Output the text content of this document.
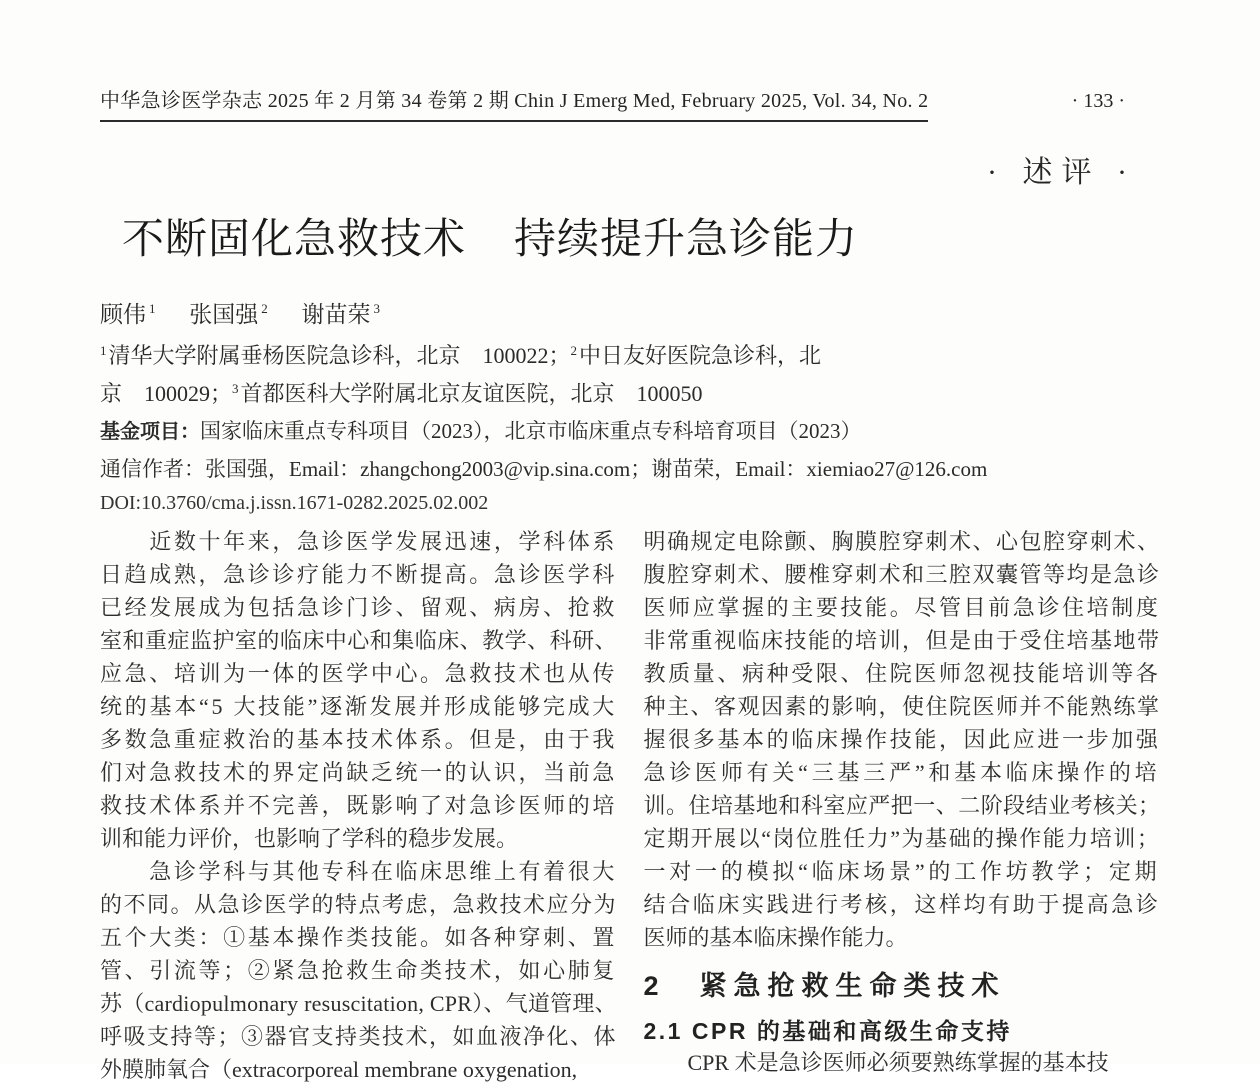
中华急诊医学杂志 2025 年 2 月第 34 卷第 2 期 Chin J Emerg Med, February 2025, Vol. 34, No. 2	· 133 ·
· 述评 ·
不断固化急救技术 持续提升急诊能力
顾伟 $^1$ 张国强 $^2$ 谢苗荣 $^3$
$^1$清华大学附属垂杨医院急诊科，北京　100022；$^2$中日友好医院急诊科，北
京　100029；$^3$首都医科大学附属北京友谊医院，北京　100050
基金项目：国家临床重点专科项目（2023），北京市临床重点专科培育项目（2023）
通信作者：张国强，Email：zhangchong2003@vip.sina.com；谢苗荣，Email：xiemiao27@126.com
DOI:10.3760/cma.j.issn.1671-0282.2025.02.002
　　近数十年来，急诊医学发展迅速，学科体系
日趋成熟，急诊诊疗能力不断提高。急诊医学科
已经发展成为包括急诊门诊、留观、病房、抢救
室和重症监护室的临床中心和集临床、教学、科研、
应急、培训为一体的医学中心。急救技术也从传
统的基本“5 大技能”逐渐发展并形成能够完成大
多数急重症救治的基本技术体系。但是，由于我
们对急救技术的界定尚缺乏统一的认识，当前急
救技术体系并不完善，既影响了对急诊医师的培
训和能力评价，也影响了学科的稳步发展。
　　急诊学科与其他专科在临床思维上有着很大
的不同。从急诊医学的特点考虑，急救技术应分为
五个大类：①基本操作类技能。如各种穿刺、置
管、引流等；②紧急抢救生命类技术，如心肺复
苏（cardiopulmonary resuscitation, CPR）、气道管理、
呼吸支持等；③器官支持类技术，如血液净化、体
外膜肺氧合（extracorporeal membrane oxygenation,
明确规定电除颤、胸膜腔穿刺术、心包腔穿刺术、
腹腔穿刺术、腰椎穿刺术和三腔双囊管等均是急诊
医师应掌握的主要技能。尽管目前急诊住培制度
非常重视临床技能的培训，但是由于受住培基地带
教质量、病种受限、住院医师忽视技能培训等各
种主、客观因素的影响，使住院医师并不能熟练掌
握很多基本的临床操作技能，因此应进一步加强
急诊医师有关“三基三严”和基本临床操作的培
训。住培基地和科室应严把一、二阶段结业考核关；
定期开展以“岗位胜任力”为基础的操作能力培训；
一对一的模拟“临床场景”的工作坊教学；定期
结合临床实践进行考核，这样均有助于提高急诊
医师的基本临床操作能力。
2　紧急抢救生命类技术
2.1 CPR 的基础和高级生命支持
　　CPR 术是急诊医师必须要熟练掌握的基本技
